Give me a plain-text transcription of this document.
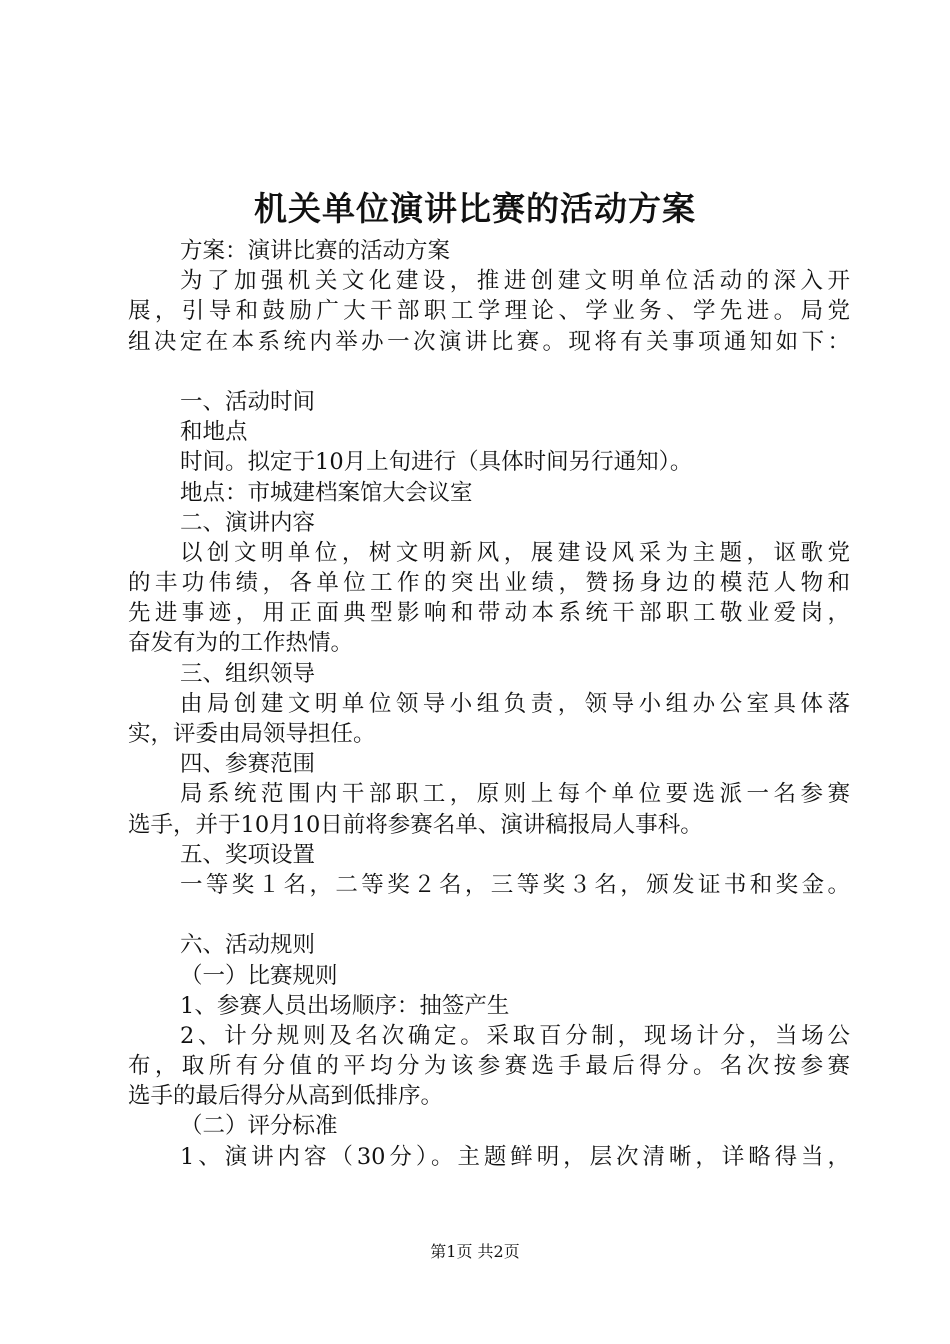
机关单位演讲比赛的活动方案
方案：演讲比赛的活动方案
为了加强机关文化建设，推进创建文明单位活动的深入开
展，引导和鼓励广大干部职工学理论、学业务、学先进。局党
组决定在本系统内举办一次演讲比赛。现将有关事项通知如下：
一、活动时间
和地点
时间。拟定于10月上旬进行（具体时间另行通知）。
地点：市城建档案馆大会议室
二、演讲内容
以创文明单位，树文明新风，展建设风采为主题，讴歌党
的丰功伟绩，各单位工作的突出业绩，赞扬身边的模范人物和
先进事迹，用正面典型影响和带动本系统干部职工敬业爱岗，
奋发有为的工作热情。
三、组织领导
由局创建文明单位领导小组负责，领导小组办公室具体落
实，评委由局领导担任。
四、参赛范围
局系统范围内干部职工，原则上每个单位要选派一名参赛
选手，并于10月10日前将参赛名单、演讲稿报局人事科。
五、奖项设置
一等奖１名，二等奖２名，三等奖３名，颁发证书和奖金。
六、活动规则
（一）比赛规则
1、参赛人员出场顺序：抽签产生
2、计分规则及名次确定。采取百分制，现场计分，当场公
布，取所有分值的平均分为该参赛选手最后得分。名次按参赛
选手的最后得分从高到低排序。
（二）评分标准
1、演讲内容（30分）。主题鲜明，层次清晰，详略得当，
第1页 共2页
